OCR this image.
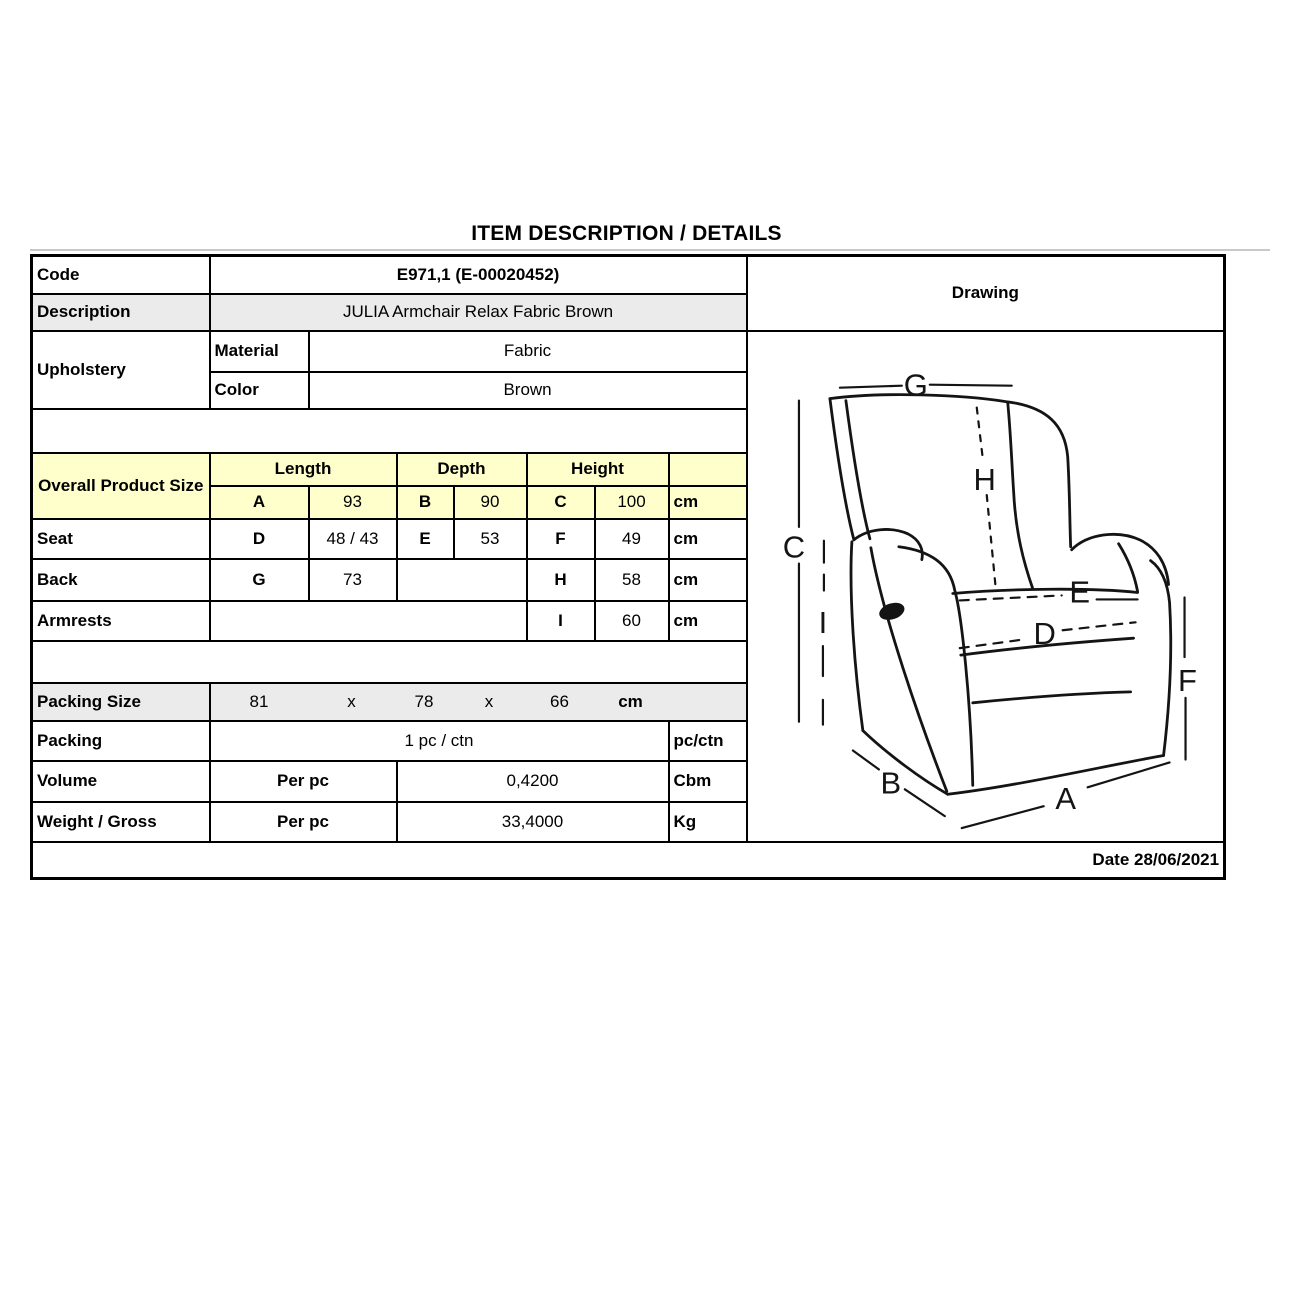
ITEM DESCRIPTION / DETAILS
Code	E971,1 (E-00020452)							Drawing
Description	JULIA Armchair Relax Fabric Brown							
Upholstery	Material	Fabric	
G
H
C
I
E
D
F
B	A

	Color	Brown						

Overall Product Size	Length		Depth		Height			
	A	93	B	90	C	100	cm	
Seat	D	48 / 43	E	53	F	49	cm	
Back	G	73			H	58	cm	
Armrests					I	60	cm	

Packing Size	81	x	78	x	66	cm

Packing	1 pc / ctn						pc/ctn	
Volume	Per pc		0,4200				Cbm	
Weight / Gross	Per pc		33,4000				Kg	
Date 28/06/2021								
